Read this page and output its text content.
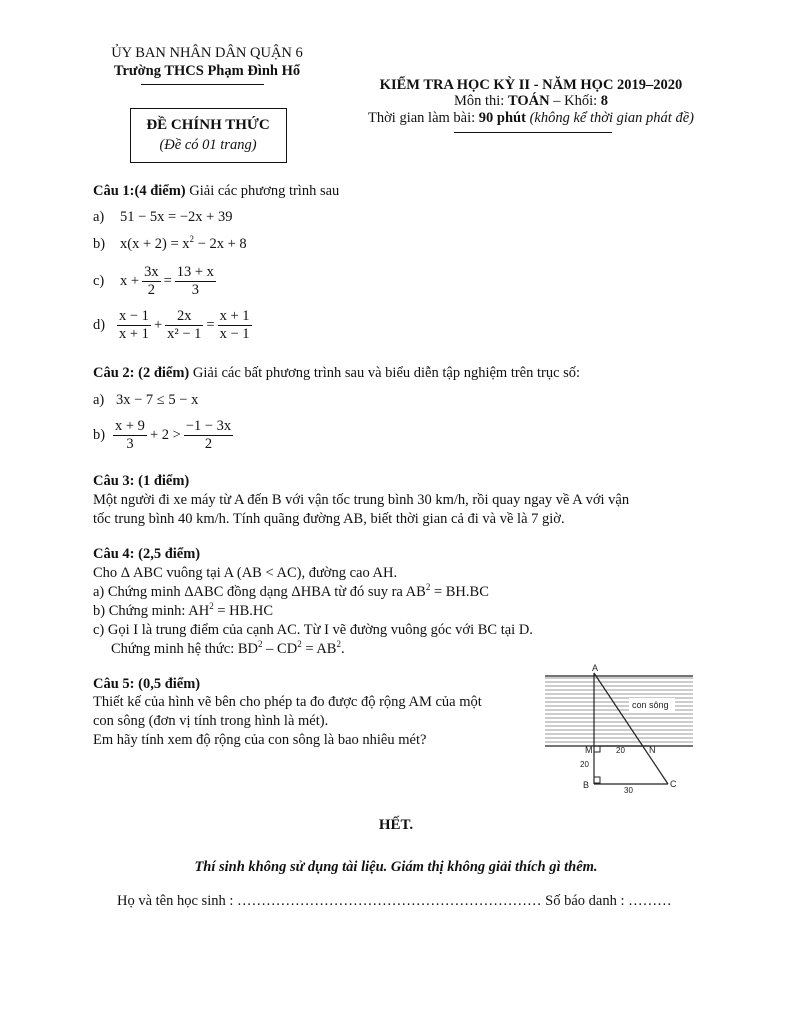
ỦY BAN NHÂN DÂN QUẬN 6
Trường THCS Phạm Đình Hổ
ĐỀ CHÍNH THỨC
(Đề có 01 trang)
KIỂM TRA HỌC KỲ II - NĂM HỌC 2019–2020
Môn thi: TOÁN – Khối: 8
Thời gian làm bài: 90 phút (không kể thời gian phát đề)
Câu 1:(4 điểm) Giải các phương trình sau
a)	51 − 5x = −2x + 39
b)	$x(x + 2) = x^2 - 2x + 8$
c)	$x + \frac{3x}{2} = \frac{13 + x}{3}$
$d) \frac{x - 1}{x + 1} + \frac{2x}{\text{x² − 1}} = \frac{x + 1}{x - 1}$
Câu 2: (2 điểm) Giải các bất phương trình sau và biểu diễn tập nghiệm trên trục số:
a) 3x − 7 ≤ 5 − x
$b) \frac{x + 9}{3} + 2 > \frac{-1 - 3x}{2}$
Câu 3: (1 điểm)
Một người đi xe máy từ A đến B với vận tốc trung bình 30 km/h, rồi quay ngay về A với vận
tốc trung bình 40 km/h. Tính quãng đường AB, biết thời gian cả đi và về là 7 giờ.
Câu 4: (2,5 điểm)
Cho Δ ABC vuông tại A (AB < AC), đường cao AH.
a) Chứng minh ΔABC đồng dạng ΔHBA từ đó suy ra $AB^2 = BH.BC$
b) Chứng minh: $AH^2 = HB.HC$
c) Gọi I là trung điểm của cạnh AC. Từ I vẽ đường vuông góc với BC tại D.
Chứng minh hệ thức: $BD^2 - CD^2 = AB^2$.
Câu 5: (0,5 điểm)
Thiết kế của hình vẽ bên cho phép ta đo được độ rộng AM của một
con sông (đơn vị tính trong hình là mét).
Em hãy tính xem độ rộng của con sông là bao nhiêu mét?
con sông
A
M	N
B	C
20
20
30
HẾT.
Thí sinh không sử dụng tài liệu. Giám thị không giải thích gì thêm.
Họ và tên học sinh : ……………………………………………………… Số báo danh : ………
